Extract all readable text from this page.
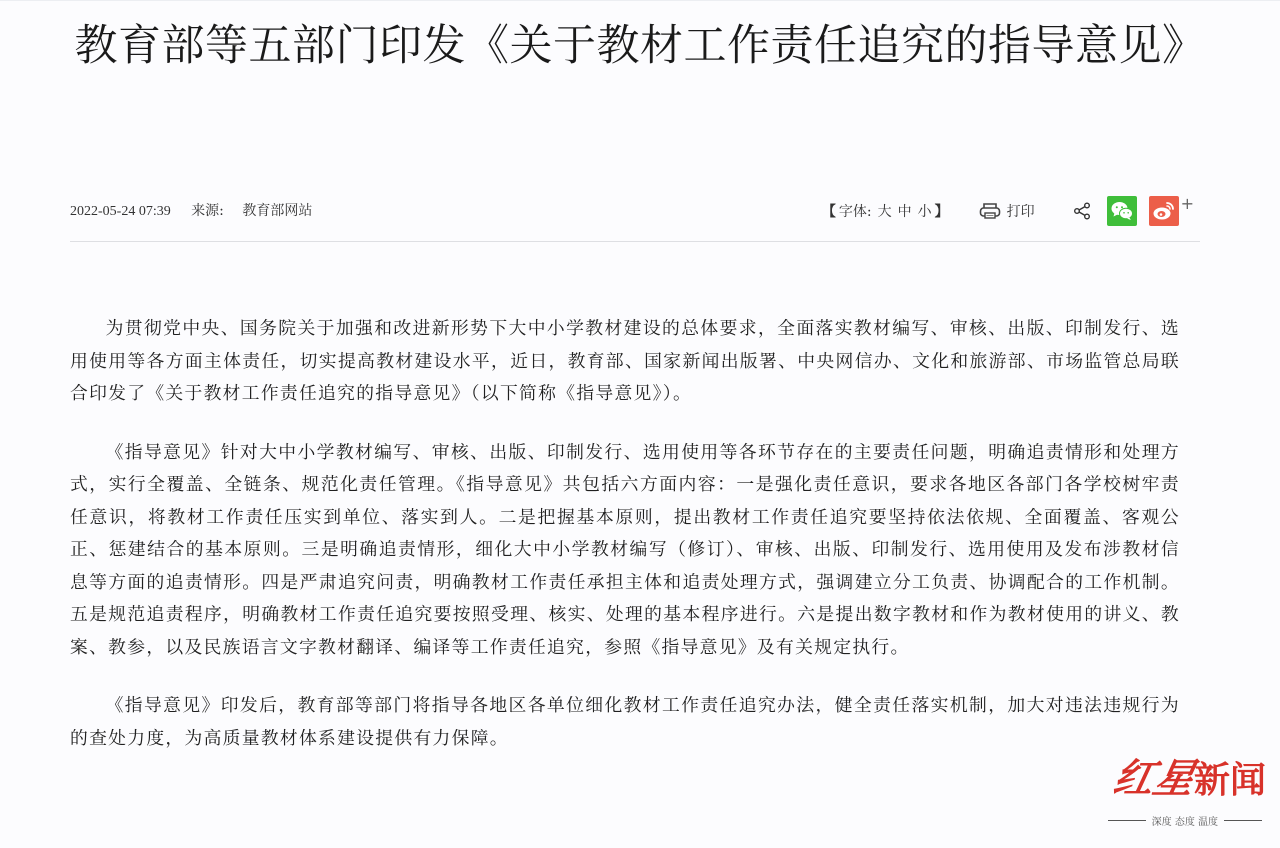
教育部等五部门印发《关于教材工作责任追究的指导意见》
2022-05-24 07:39 来源: 教育部网站	【 字体: 大 中 小 】	打印	+

为贯彻党中央、国务院关于加强和改进新形势下大中小学教材建设的总体要求，全面落实教材编写、审核、出版、印制发行、选用使用等各方面主体责任，切实提高教材建设水平，近日，教育部、国家新闻出版署、中央网信办、文化和旅游部、市场监管总局联合印发了《关于教材工作责任追究的指导意见》（以下简称《指导意见》）。

《指导意见》针对大中小学教材编写、审核、出版、印制发行、选用使用等各环节存在的主要责任问题，明确追责情形和处理方式，实行全覆盖、全链条、规范化责任管理。《指导意见》共包括六方面内容：一是强化责任意识，要求各地区各部门各学校树牢责任意识，将教材工作责任压实到单位、落实到人。二是把握基本原则，提出教材工作责任追究要坚持依法依规、全面覆盖、客观公正、惩建结合的基本原则。三是明确追责情形，细化大中小学教材编写（修订）、审核、出版、印制发行、选用使用及发布涉教材信息等方面的追责情形。四是严肃追究问责，明确教材工作责任承担主体和追责处理方式，强调建立分工负责、协调配合的工作机制。五是规范追责程序，明确教材工作责任追究要按照受理、核实、处理的基本程序进行。六是提出数字教材和作为教材使用的讲义、教案、教参，以及民族语言文字教材翻译、编译等工作责任追究，参照《指导意见》及有关规定执行。

《指导意见》印发后，教育部等部门将指导各地区各单位细化教材工作责任追究办法，健全责任落实机制，加大对违法违规行为的查处力度，为高质量教材体系建设提供有力保障。

红星新闻
深度 态度 温度
